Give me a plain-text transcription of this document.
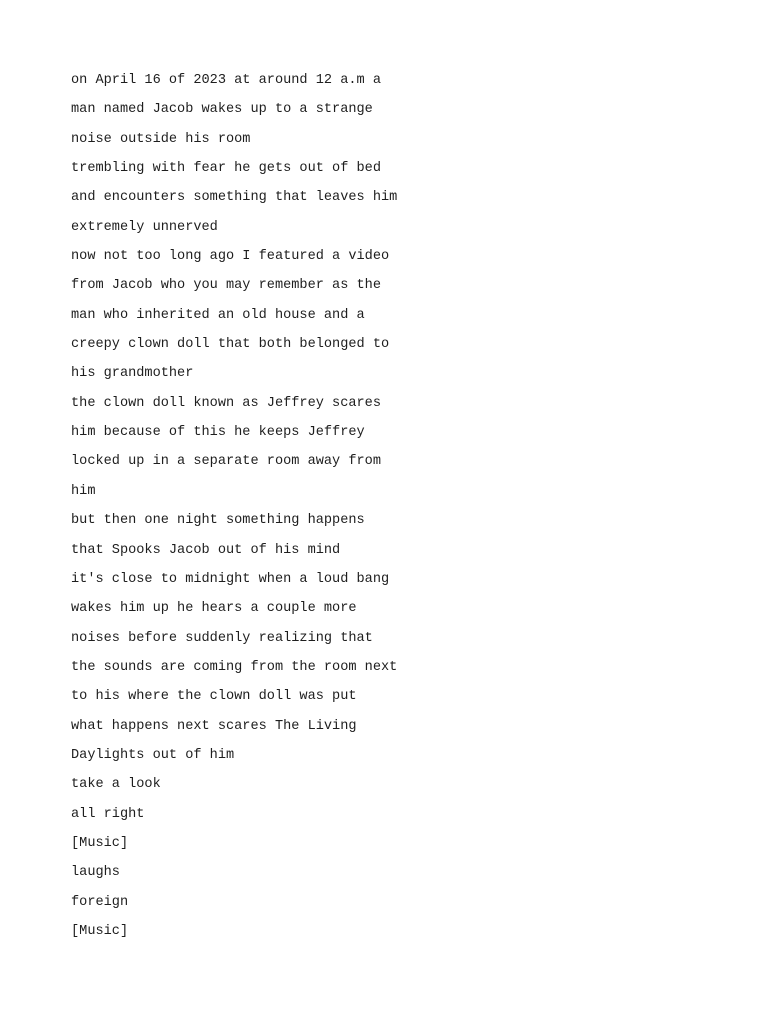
on April 16 of 2023 at around 12 a.m a
man named Jacob wakes up to a strange
noise outside his room
trembling with fear he gets out of bed
and encounters something that leaves him
extremely unnerved
now not too long ago I featured a video
from Jacob who you may remember as the
man who inherited an old house and a
creepy clown doll that both belonged to
his grandmother
the clown doll known as Jeffrey scares
him because of this he keeps Jeffrey
locked up in a separate room away from
him
but then one night something happens
that Spooks Jacob out of his mind
it's close to midnight when a loud bang
wakes him up he hears a couple more
noises before suddenly realizing that
the sounds are coming from the room next
to his where the clown doll was put
what happens next scares The Living
Daylights out of him
take a look
all right
[Music]
laughs
foreign
[Music]
